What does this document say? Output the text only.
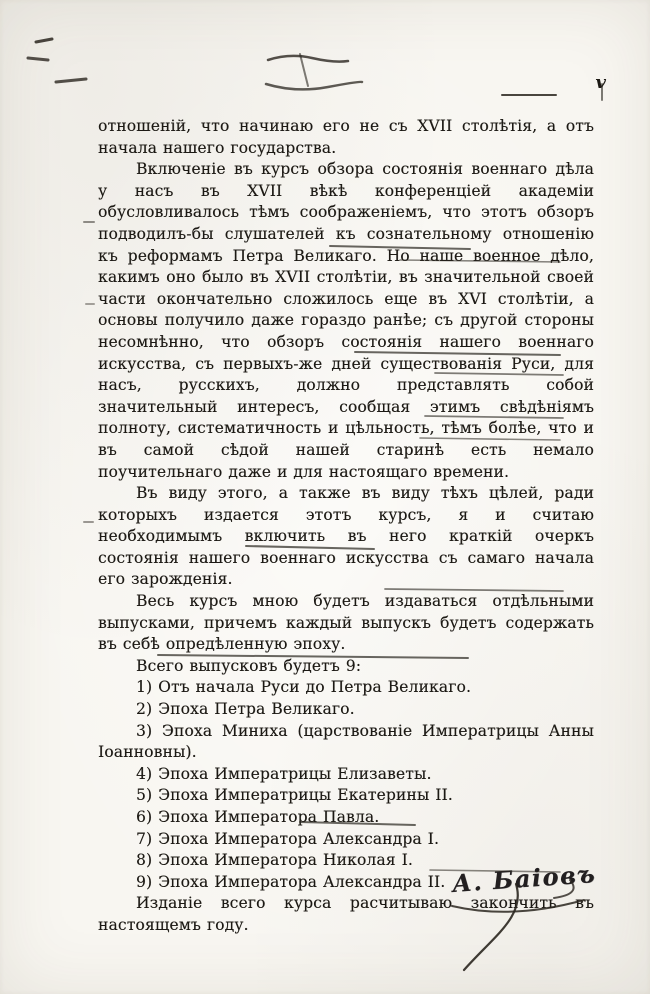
v

отношеній, что начинаю его не съ XVII столѣтія, а отъ начала нашего государства.

Включеніе въ курсъ обзора состоянія военнаго дѣла у насъ въ XVII вѣкѣ конференціей академіи обусловливалось тѣмъ соображеніемъ, что этотъ обзоръ подводилъ-бы слушателей къ сознательному отношенію къ реформамъ Петра Великаго. Но наше военное дѣло, какимъ оно было въ XVII столѣтіи, въ значительной своей части окончательно сложилось еще въ XVI столѣтіи, а основы получило даже гораздо ранѣе; съ другой стороны несомнѣнно, что обзоръ состоянія нашего военнаго искусства, съ первыхъ-же дней существованія Руси, для насъ, русскихъ, должно представлять собой значительный интересъ, сообщая этимъ свѣдѣніямъ полноту, систематичность и цѣльность, тѣмъ болѣе, что и въ самой сѣдой нашей старинѣ есть немало поучительнаго даже и для настоящаго времени.

Въ виду этого, а также въ виду тѣхъ цѣлей, ради которыхъ издается этотъ курсъ, я и считаю необходимымъ включить въ него краткій очеркъ состоянія нашего военнаго искусства съ самаго начала его зарожденія.

Весь курсъ мною будетъ издаваться отдѣльными выпусками, причемъ каждый выпускъ будетъ содержать въ себѣ опредѣленную эпоху.

Всего выпусковъ будетъ 9:

1) Отъ начала Руси до Петра Великаго.

2) Эпоха Петра Великаго.

3) Эпоха Миниха (царствованіе Императрицы Анны Іоанновны).

4) Эпоха Императрицы Елизаветы.

5) Эпоха Императрицы Екатерины II.

6) Эпоха Императора Павла.

7) Эпоха Императора Александра I.

8) Эпоха Императора Николая I.

9) Эпоха Императора Александра II.

Изданіе всего курса расчитываю закончить въ настоящемъ году.

А. Баіовъ
